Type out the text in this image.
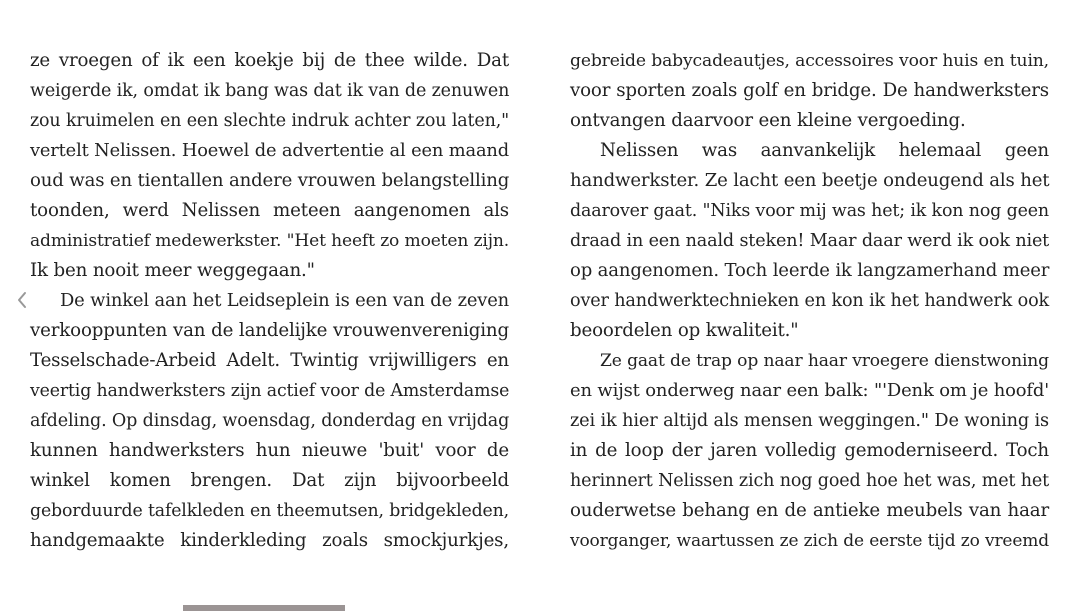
ze vroegen of ik een koekje bij de thee wilde. Dat
weigerde ik, omdat ik bang was dat ik van de zenuwen
zou kruimelen en een slechte indruk achter zou laten,"
vertelt Nelissen. Hoewel de advertentie al een maand
oud was en tientallen andere vrouwen belangstelling
toonden, werd Nelissen meteen aangenomen als
administratief medewerkster. "Het heeft zo moeten zijn.
Ik ben nooit meer weggegaan."
De winkel aan het Leidseplein is een van de zeven
verkooppunten van de landelijke vrouwenvereniging
Tesselschade-Arbeid Adelt. Twintig vrijwilligers en
veertig handwerksters zijn actief voor de Amsterdamse
afdeling. Op dinsdag, woensdag, donderdag en vrijdag
kunnen handwerksters hun nieuwe 'buit' voor de
winkel komen brengen. Dat zijn bijvoorbeeld
geborduurde tafelkleden en theemutsen, bridgekleden,
handgemaakte kinderkleding zoals smockjurkjes,
gebreide babycadeautjes, accessoires voor huis en tuin,
voor sporten zoals golf en bridge. De handwerksters
ontvangen daarvoor een kleine vergoeding.
Nelissen was aanvankelijk helemaal geen
handwerkster. Ze lacht een beetje ondeugend als het
daarover gaat. "Niks voor mij was het; ik kon nog geen
draad in een naald steken! Maar daar werd ik ook niet
op aangenomen. Toch leerde ik langzamerhand meer
over handwerktechnieken en kon ik het handwerk ook
beoordelen op kwaliteit."
Ze gaat de trap op naar haar vroegere dienstwoning
en wijst onderweg naar een balk: "'Denk om je hoofd'
zei ik hier altijd als mensen weggingen." De woning is
in de loop der jaren volledig gemoderniseerd. Toch
herinnert Nelissen zich nog goed hoe het was, met het
ouderwetse behang en de antieke meubels van haar
voorganger, waartussen ze zich de eerste tijd zo vreemd
